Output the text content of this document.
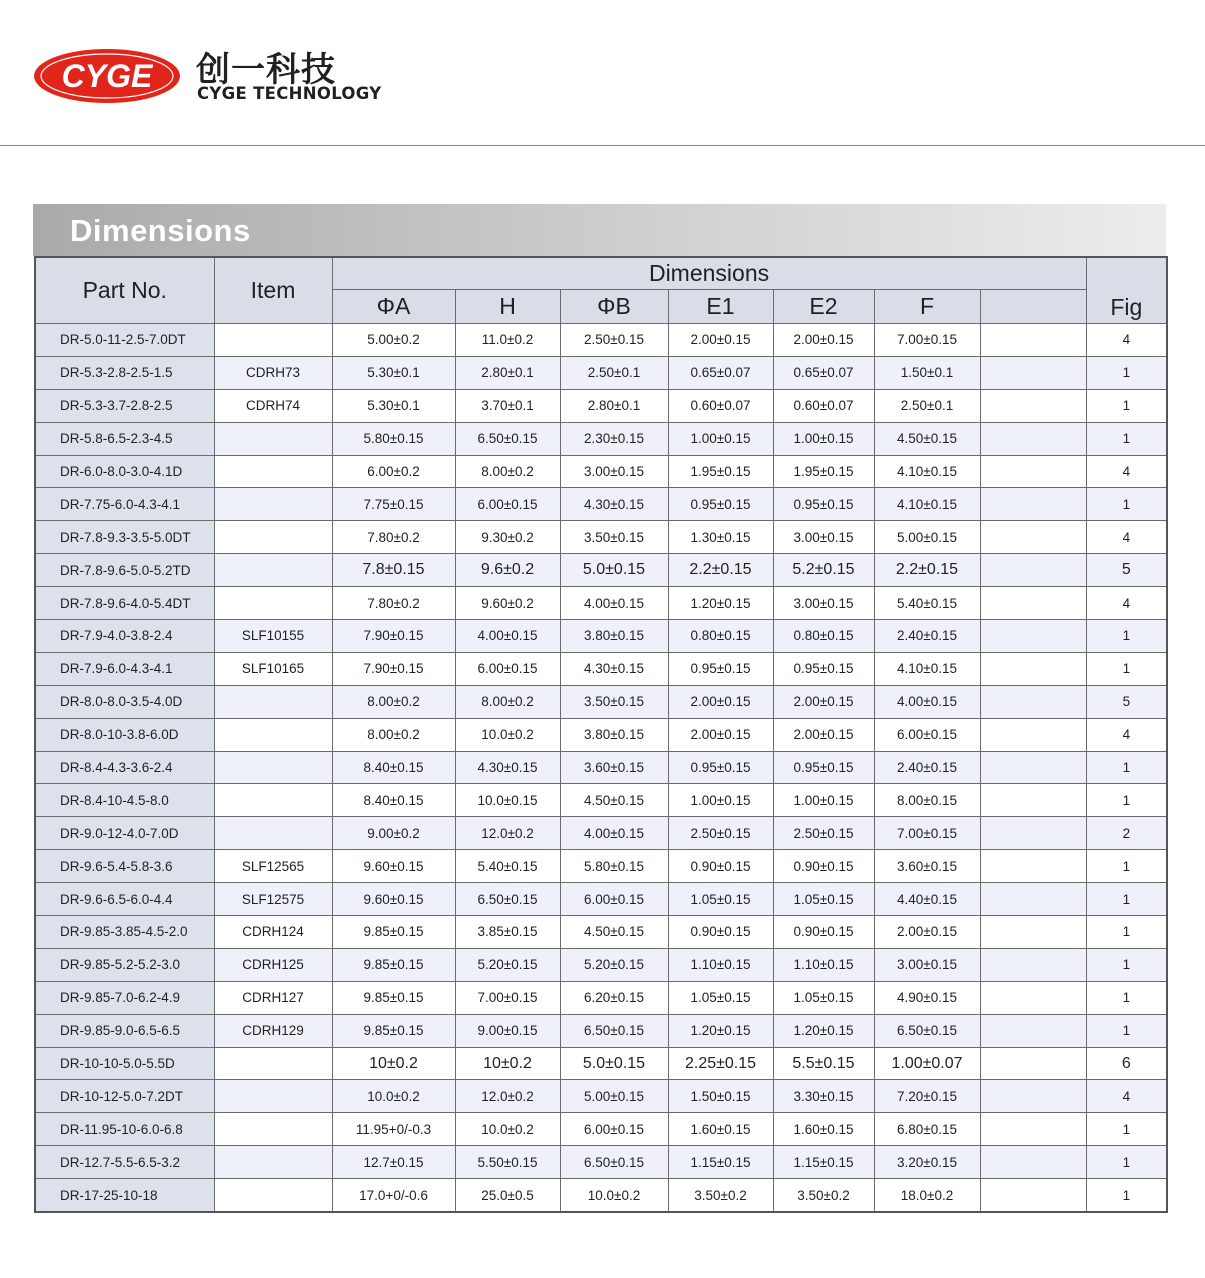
CYGE 创一科技
CYGE TECHNOLOGY
Dimensions
Part No.	Item	Dimensions							Fig
		ΦA	H	ΦB	E1	E2	F		
DR-5.0-11-2.5-7.0DT		5.00±0.2	11.0±0.2	2.50±0.15	2.00±0.15	2.00±0.15	7.00±0.15		4
DR-5.3-2.8-2.5-1.5	CDRH73	5.30±0.1	2.80±0.1	2.50±0.1	0.65±0.07	0.65±0.07	1.50±0.1		1
DR-5.3-3.7-2.8-2.5	CDRH74	5.30±0.1	3.70±0.1	2.80±0.1	0.60±0.07	0.60±0.07	2.50±0.1		1
DR-5.8-6.5-2.3-4.5		5.80±0.15	6.50±0.15	2.30±0.15	1.00±0.15	1.00±0.15	4.50±0.15		1
DR-6.0-8.0-3.0-4.1D		6.00±0.2	8.00±0.2	3.00±0.15	1.95±0.15	1.95±0.15	4.10±0.15		4
DR-7.75-6.0-4.3-4.1		7.75±0.15	6.00±0.15	4.30±0.15	0.95±0.15	0.95±0.15	4.10±0.15		1
DR-7.8-9.3-3.5-5.0DT		7.80±0.2	9.30±0.2	3.50±0.15	1.30±0.15	3.00±0.15	5.00±0.15		4
DR-7.8-9.6-5.0-5.2TD		7.8±0.15	9.6±0.2	5.0±0.15	2.2±0.15	5.2±0.15	2.2±0.15		5
DR-7.8-9.6-4.0-5.4DT		7.80±0.2	9.60±0.2	4.00±0.15	1.20±0.15	3.00±0.15	5.40±0.15		4
DR-7.9-4.0-3.8-2.4	SLF10155	7.90±0.15	4.00±0.15	3.80±0.15	0.80±0.15	0.80±0.15	2.40±0.15		1
DR-7.9-6.0-4.3-4.1	SLF10165	7.90±0.15	6.00±0.15	4.30±0.15	0.95±0.15	0.95±0.15	4.10±0.15		1
DR-8.0-8.0-3.5-4.0D		8.00±0.2	8.00±0.2	3.50±0.15	2.00±0.15	2.00±0.15	4.00±0.15		5
DR-8.0-10-3.8-6.0D		8.00±0.2	10.0±0.2	3.80±0.15	2.00±0.15	2.00±0.15	6.00±0.15		4
DR-8.4-4.3-3.6-2.4		8.40±0.15	4.30±0.15	3.60±0.15	0.95±0.15	0.95±0.15	2.40±0.15		1
DR-8.4-10-4.5-8.0		8.40±0.15	10.0±0.15	4.50±0.15	1.00±0.15	1.00±0.15	8.00±0.15		1
DR-9.0-12-4.0-7.0D		9.00±0.2	12.0±0.2	4.00±0.15	2.50±0.15	2.50±0.15	7.00±0.15		2
DR-9.6-5.4-5.8-3.6	SLF12565	9.60±0.15	5.40±0.15	5.80±0.15	0.90±0.15	0.90±0.15	3.60±0.15		1
DR-9.6-6.5-6.0-4.4	SLF12575	9.60±0.15	6.50±0.15	6.00±0.15	1.05±0.15	1.05±0.15	4.40±0.15		1
DR-9.85-3.85-4.5-2.0	CDRH124	9.85±0.15	3.85±0.15	4.50±0.15	0.90±0.15	0.90±0.15	2.00±0.15		1
DR-9.85-5.2-5.2-3.0	CDRH125	9.85±0.15	5.20±0.15	5.20±0.15	1.10±0.15	1.10±0.15	3.00±0.15		1
DR-9.85-7.0-6.2-4.9	CDRH127	9.85±0.15	7.00±0.15	6.20±0.15	1.05±0.15	1.05±0.15	4.90±0.15		1
DR-9.85-9.0-6.5-6.5	CDRH129	9.85±0.15	9.00±0.15	6.50±0.15	1.20±0.15	1.20±0.15	6.50±0.15		1
DR-10-10-5.0-5.5D		10±0.2	10±0.2	5.0±0.15	2.25±0.15	5.5±0.15	1.00±0.07		6
DR-10-12-5.0-7.2DT		10.0±0.2	12.0±0.2	5.00±0.15	1.50±0.15	3.30±0.15	7.20±0.15		4
DR-11.95-10-6.0-6.8		11.95+0/-0.3	10.0±0.2	6.00±0.15	1.60±0.15	1.60±0.15	6.80±0.15		1
DR-12.7-5.5-6.5-3.2		12.7±0.15	5.50±0.15	6.50±0.15	1.15±0.15	1.15±0.15	3.20±0.15		1
DR-17-25-10-18		17.0+0/-0.6	25.0±0.5	10.0±0.2	3.50±0.2	3.50±0.2	18.0±0.2		1
